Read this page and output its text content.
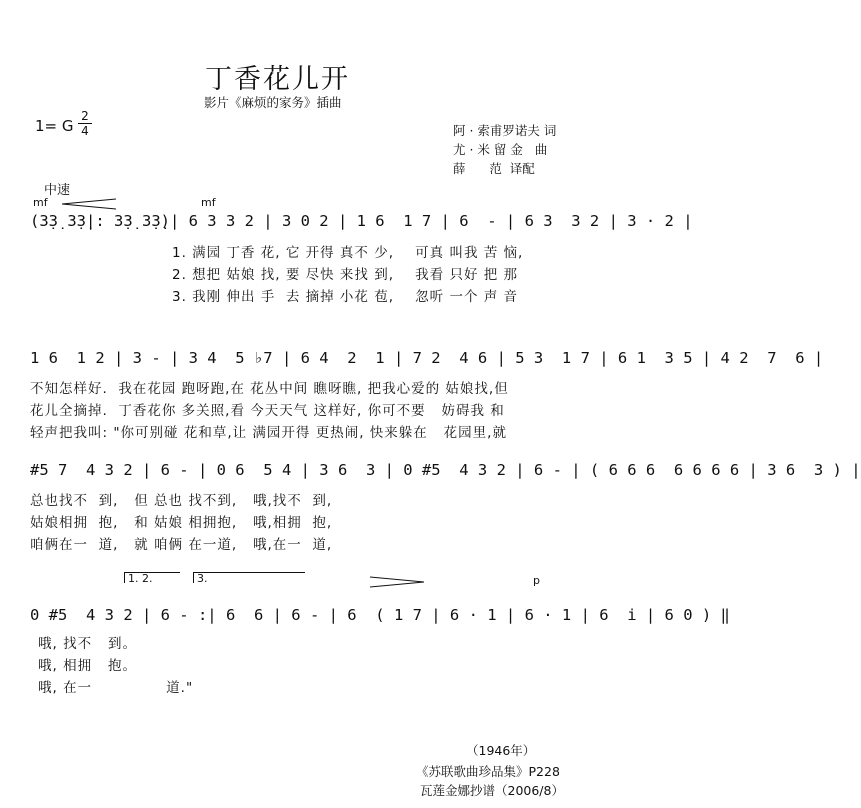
丁香花儿开
影片《麻烦的家务》插曲
1= G
2
4	阿 · 索甫罗诺夫 词
尤 · 米 留 金   曲
薛      范  译配
中速
mf	mf
(3̣3̣ 3̣3̣|: 3̣3̣ 3̣3̣)| 6 3 3 2 | 3 0 2 | 1 6  1 7 | 6  - | 6 3  3 2 | 3 · 2 |
1. 满园 丁香 花, 它 开得 真不 少,    可真 叫我 苦 恼,
2. 想把 姑娘 找, 要 尽快 来找 到,    我看 只好 把 那
3. 我刚 伸出 手  去 摘掉 小花 苞,    忽听 一个 声 音
1 6  1 2 | 3 - | 3 4  5 ♭7 | 6 4  2  1 | 7 2  4 6 | 5 3  1 7 | 6 1  3 5 | 4 2  7  6 |
不知怎样好.  我在花园 跑呀跑,在 花丛中间 瞧呀瞧, 把我心爱的 姑娘找,但
花儿全摘掉.  丁香花你 多关照,看 今天天气 这样好, 你可不要   妨碍我 和
轻声把我叫: "你可别碰 花和草,让 满园开得 更热闹, 快来躲在   花园里,就
#5 7  4 3 2 | 6 - | 0 6  5 4 | 3 6  3 | 0 #5  4 3 2 | 6 - | ( 6 6 6  6 6 6 6 | 3 6  3 ) |
总也找不  到,   但 总也 找不到,   哦,找不  到,
姑娘相拥  抱,   和 姑娘 相拥抱,   哦,相拥  抱,
咱俩在一  道,   就 咱俩 在一道,   哦,在一  道,
1. 2.	3.	p
0 #5  4 3 2 | 6 - :| 6  6 | 6 - | 6  ( 1 7 | 6 · 1 | 6 · 1 | 6  i | 6 0 ) ‖
哦, 找不   到。
哦, 相拥   抱。
哦, 在一              道."
（1946年）
《苏联歌曲珍品集》P228
瓦莲金娜抄谱（2006/8）
